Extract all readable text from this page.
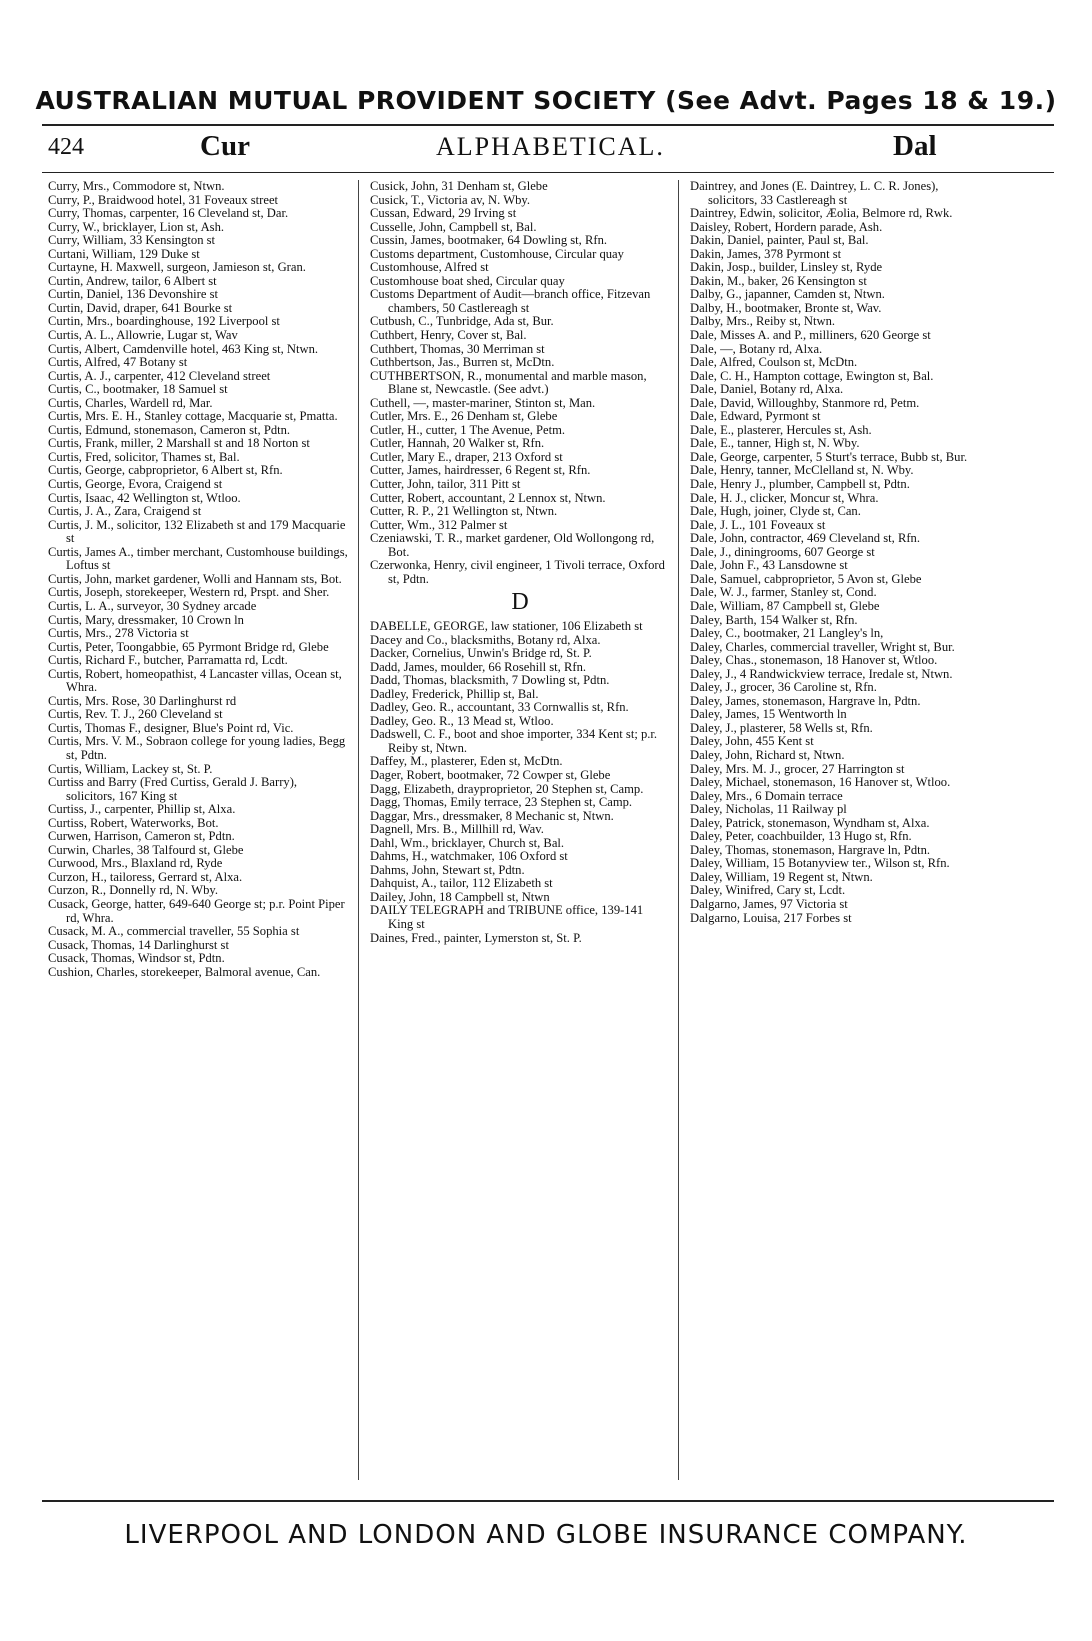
AUSTRALIAN MUTUAL PROVIDENT SOCIETY (See Advt. Pages 18 & 19.)
424	Cur	ALPHABETICAL.	Dal
Curry, Mrs., Commodore st, Ntwn.
Curry, P., Braidwood hotel, 31 Foveaux street
Curry, Thomas, carpenter, 16 Cleveland st, Dar.
Curry, W., bricklayer, Lion st, Ash.
Curry, William, 33 Kensington st
Curtani, William, 129 Duke st
Curtayne, H. Maxwell, surgeon, Jamieson st, Gran.
Curtin, Andrew, tailor, 6 Albert st
Curtin, Daniel, 136 Devonshire st
Curtin, David, draper, 641 Bourke st
Curtin, Mrs., boardinghouse, 192 Liverpool st
Curtis, A. L., Allowrie, Lugar st, Wav
Curtis, Albert, Camdenville hotel, 463 King st, Ntwn.
Curtis, Alfred, 47 Botany st
Curtis, A. J., carpenter, 412 Cleveland street
Curtis, C., bootmaker, 18 Samuel st
Curtis, Charles, Wardell rd, Mar.
Curtis, Mrs. E. H., Stanley cottage, Macquarie st, Pmatta.
Curtis, Edmund, stonemason, Cameron st, Pdtn.
Curtis, Frank, miller, 2 Marshall st and 18 Norton st
Curtis, Fred, solicitor, Thames st, Bal.
Curtis, George, cabproprietor, 6 Albert st, Rfn.
Curtis, George, Evora, Craigend st
Curtis, Isaac, 42 Wellington st, Wtloo.
Curtis, J. A., Zara, Craigend st
Curtis, J. M., solicitor, 132 Elizabeth st and 179 Macquarie st
Curtis, James A., timber merchant, Customhouse buildings, Loftus st
Curtis, John, market gardener, Wolli and Hannam sts, Bot.
Curtis, Joseph, storekeeper, Western rd, Prspt. and Sher.
Curtis, L. A., surveyor, 30 Sydney arcade
Curtis, Mary, dressmaker, 10 Crown ln
Curtis, Mrs., 278 Victoria st
Curtis, Peter, Toongabbie, 65 Pyrmont Bridge rd, Glebe
Curtis, Richard F., butcher, Parramatta rd, Lcdt.
Curtis, Robert, homeopathist, 4 Lancaster villas, Ocean st, Whra.
Curtis, Mrs. Rose, 30 Darlinghurst rd
Curtis, Rev. T. J., 260 Cleveland st
Curtis, Thomas F., designer, Blue's Point rd, Vic.
Curtis, Mrs. V. M., Sobraon college for young ladies, Begg st, Pdtn.
Curtis, William, Lackey st, St. P.
Curtiss and Barry (Fred Curtiss, Gerald J. Barry), solicitors, 167 King st
Curtiss, J., carpenter, Phillip st, Alxa.
Curtiss, Robert, Waterworks, Bot.
Curwen, Harrison, Cameron st, Pdtn.
Curwin, Charles, 38 Talfourd st, Glebe
Curwood, Mrs., Blaxland rd, Ryde
Curzon, H., tailoress, Gerrard st, Alxa.
Curzon, R., Donnelly rd, N. Wby.
Cusack, George, hatter, 649-640 George st; p.r. Point Piper rd, Whra.
Cusack, M. A., commercial traveller, 55 Sophia st
Cusack, Thomas, 14 Darlinghurst st
Cusack, Thomas, Windsor st, Pdtn.
Cushion, Charles, storekeeper, Balmoral avenue, Can.
Cusick, John, 31 Denham st, Glebe
Cusick, T., Victoria av, N. Wby.
Cussan, Edward, 29 Irving st
Cusselle, John, Campbell st, Bal.
Cussin, James, bootmaker, 64 Dowling st, Rfn.
Customs department, Customhouse, Circular quay
Customhouse, Alfred st
Customhouse boat shed, Circular quay
Customs Department of Audit—branch office, Fitzevan chambers, 50 Castlereagh st
Cutbush, C., Tunbridge, Ada st, Bur.
Cuthbert, Henry, Cover st, Bal.
Cuthbert, Thomas, 30 Merriman st
Cuthbertson, Jas., Burren st, McDtn.
CUTHBERTSON, R., monumental and marble mason, Blane st, Newcastle. (See advt.)
Cuthell, —, master-mariner, Stinton st, Man.
Cutler, Mrs. E., 26 Denham st, Glebe
Cutler, H., cutter, 1 The Avenue, Petm.
Cutler, Hannah, 20 Walker st, Rfn.
Cutler, Mary E., draper, 213 Oxford st
Cutter, James, hairdresser, 6 Regent st, Rfn.
Cutter, John, tailor, 311 Pitt st
Cutter, Robert, accountant, 2 Lennox st, Ntwn.
Cutter, R. P., 21 Wellington st, Ntwn.
Cutter, Wm., 312 Palmer st
Czeniawski, T. R., market gardener, Old Wollongong rd, Bot.
Czerwonka, Henry, civil engineer, 1 Tivoli terrace, Oxford st, Pdtn.
D
DABELLE, GEORGE, law stationer, 106 Elizabeth st
Dacey and Co., blacksmiths, Botany rd, Alxa.
Dacker, Cornelius, Unwin's Bridge rd, St. P.
Dadd, James, moulder, 66 Rosehill st, Rfn.
Dadd, Thomas, blacksmith, 7 Dowling st, Pdtn.
Dadley, Frederick, Phillip st, Bal.
Dadley, Geo. R., accountant, 33 Cornwallis st, Rfn.
Dadley, Geo. R., 13 Mead st, Wtloo.
Dadswell, C. F., boot and shoe importer, 334 Kent st; p.r. Reiby st, Ntwn.
Daffey, M., plasterer, Eden st, McDtn.
Dager, Robert, bootmaker, 72 Cowper st, Glebe
Dagg, Elizabeth, drayproprietor, 20 Stephen st, Camp.
Dagg, Thomas, Emily terrace, 23 Stephen st, Camp.
Daggar, Mrs., dressmaker, 8 Mechanic st, Ntwn.
Dagnell, Mrs. B., Millhill rd, Wav.
Dahl, Wm., bricklayer, Church st, Bal.
Dahms, H., watchmaker, 106 Oxford st
Dahms, John, Stewart st, Pdtn.
Dahquist, A., tailor, 112 Elizabeth st
Dailey, John, 18 Campbell st, Ntwn
DAILY TELEGRAPH and TRIBUNE office, 139-141 King st
Daines, Fred., painter, Lymerston st, St. P.
Daintrey, and Jones (E. Daintrey, L. C. R. Jones), solicitors, 33 Castlereagh st
Daintrey, Edwin, solicitor, Æolia, Belmore rd, Rwk.
Daisley, Robert, Hordern parade, Ash.
Dakin, Daniel, painter, Paul st, Bal.
Dakin, James, 378 Pyrmont st
Dakin, Josp., builder, Linsley st, Ryde
Dakin, M., baker, 26 Kensington st
Dalby, G., japanner, Camden st, Ntwn.
Dalby, H., bootmaker, Bronte st, Wav.
Dalby, Mrs., Reiby st, Ntwn.
Dale, Misses A. and P., milliners, 620 George st
Dale, —, Botany rd, Alxa.
Dale, Alfred, Coulson st, McDtn.
Dale, C. H., Hampton cottage, Ewington st, Bal.
Dale, Daniel, Botany rd, Alxa.
Dale, David, Willoughby, Stanmore rd, Petm.
Dale, Edward, Pyrmont st
Dale, E., plasterer, Hercules st, Ash.
Dale, E., tanner, High st, N. Wby.
Dale, George, carpenter, 5 Sturt's terrace, Bubb st, Bur.
Dale, Henry, tanner, McClelland st, N. Wby.
Dale, Henry J., plumber, Campbell st, Pdtn.
Dale, H. J., clicker, Moncur st, Whra.
Dale, Hugh, joiner, Clyde st, Can.
Dale, J. L., 101 Foveaux st
Dale, John, contractor, 469 Cleveland st, Rfn.
Dale, J., diningrooms, 607 George st
Dale, John F., 43 Lansdowne st
Dale, Samuel, cabproprietor, 5 Avon st, Glebe
Dale, W. J., farmer, Stanley st, Cond.
Dale, William, 87 Campbell st, Glebe
Daley, Barth, 154 Walker st, Rfn.
Daley, C., bootmaker, 21 Langley's ln,
Daley, Charles, commercial traveller, Wright st, Bur.
Daley, Chas., stonemason, 18 Hanover st, Wtloo.
Daley, J., 4 Randwickview terrace, Iredale st, Ntwn.
Daley, J., grocer, 36 Caroline st, Rfn.
Daley, James, stonemason, Hargrave ln, Pdtn.
Daley, James, 15 Wentworth ln
Daley, J., plasterer, 58 Wells st, Rfn.
Daley, John, 455 Kent st
Daley, John, Richard st, Ntwn.
Daley, Mrs. M. J., grocer, 27 Harrington st
Daley, Michael, stonemason, 16 Hanover st, Wtloo.
Daley, Mrs., 6 Domain terrace
Daley, Nicholas, 11 Railway pl
Daley, Patrick, stonemason, Wyndham st, Alxa.
Daley, Peter, coachbuilder, 13 Hugo st, Rfn.
Daley, Thomas, stonemason, Hargrave ln, Pdtn.
Daley, William, 15 Botanyview ter., Wilson st, Rfn.
Daley, William, 19 Regent st, Ntwn.
Daley, Winifred, Cary st, Lcdt.
Dalgarno, James, 97 Victoria st
Dalgarno, Louisa, 217 Forbes st
LIVERPOOL AND LONDON AND GLOBE INSURANCE COMPANY.
